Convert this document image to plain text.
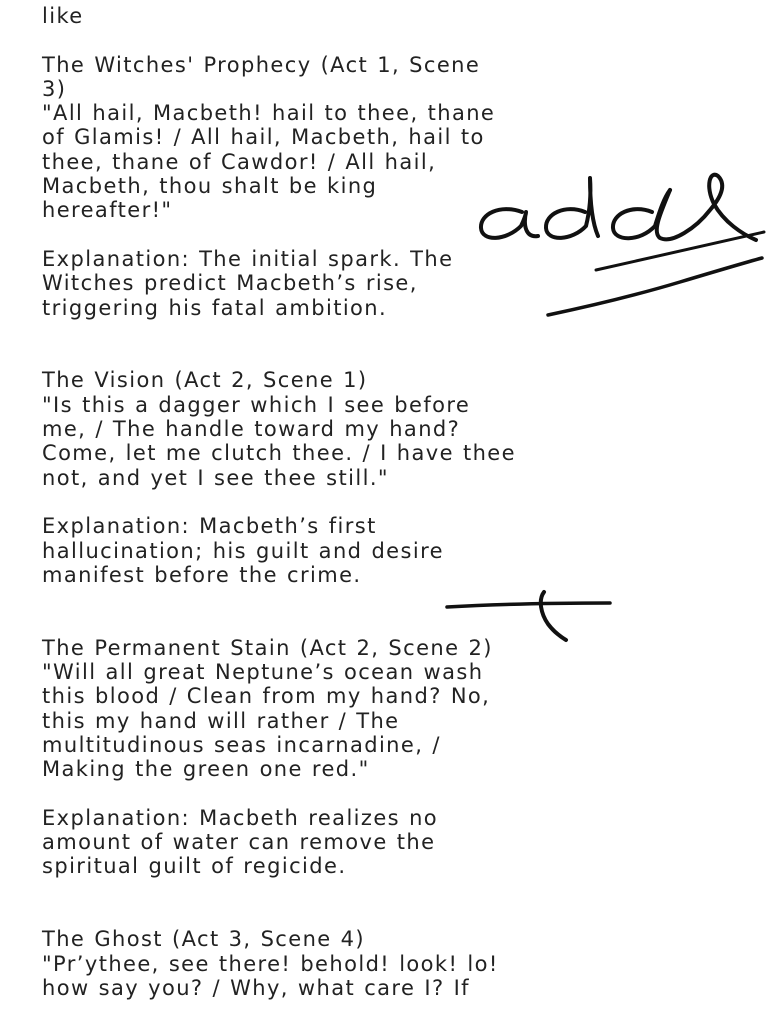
like
The Witches' Prophecy (Act 1, Scene
3)
"All hail, Macbeth! hail to thee, thane
of Glamis! / All hail, Macbeth, hail to
thee, thane of Cawdor! / All hail,
Macbeth, thou shalt be king
hereafter!"
Explanation: The initial spark. The
Witches predict Macbeth’s rise,
triggering his fatal ambition.
The Vision (Act 2, Scene 1)
"Is this a dagger which I see before
me, / The handle toward my hand?
Come, let me clutch thee. / I have thee
not, and yet I see thee still."
Explanation: Macbeth’s first
hallucination; his guilt and desire
manifest before the crime.
The Permanent Stain (Act 2, Scene 2)
"Will all great Neptune’s ocean wash
this blood / Clean from my hand? No,
this my hand will rather / The
multitudinous seas incarnadine, /
Making the green one red."
Explanation: Macbeth realizes no
amount of water can remove the
spiritual guilt of regicide.
The Ghost (Act 3, Scene 4)
"Pr’ythee, see there! behold! look! lo!
how say you? / Why, what care I? If
